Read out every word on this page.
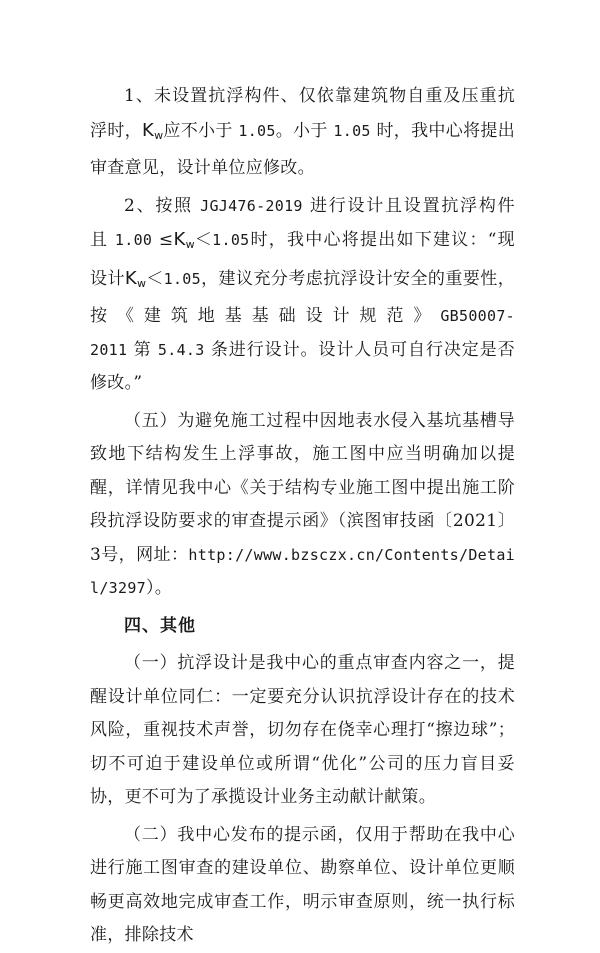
1、未设置抗浮构件、仅依靠建筑物自重及压重抗浮时，$K_w$应不小于 1.05。小于 1.05 时，我中心将提出审查意见，设计单位应修改。

2、按照 JGJ476-2019 进行设计且设置抗浮构件且 $1.00 \le K_w<1.05$时，我中心将提出如下建议：“现设计$K_w<1.05$，建议充分考虑抗浮设计安全的重要性，按《建筑地基基础设计规范》GB50007-2011 第 5.4.3 条进行设计。设计人员可自行决定是否修改。”

（五）为避免施工过程中因地表水侵入基坑基槽导致地下结构发生上浮事故，施工图中应当明确加以提醒，详情见我中心《关于结构专业施工图中提出施工阶段抗浮设防要求的审查提示函》（滨图审技函〔2021〕3号，网址：http://www.bzsczx.cn/Contents/Detail/3297）。

四、其他

（一）抗浮设计是我中心的重点审查内容之一，提醒设计单位同仁：一定要充分认识抗浮设计存在的技术风险，重视技术声誉，切勿存在侥幸心理打“擦边球”；切不可迫于建设单位或所谓“优化”公司的压力盲目妥协，更不可为了承揽设计业务主动献计献策。

（二）我中心发布的提示函，仅用于帮助在我中心进行施工图审查的建设单位、勘察单位、设计单位更顺畅更高效地完成审查工作，明示审查原则，统一执行标准，排除技术
